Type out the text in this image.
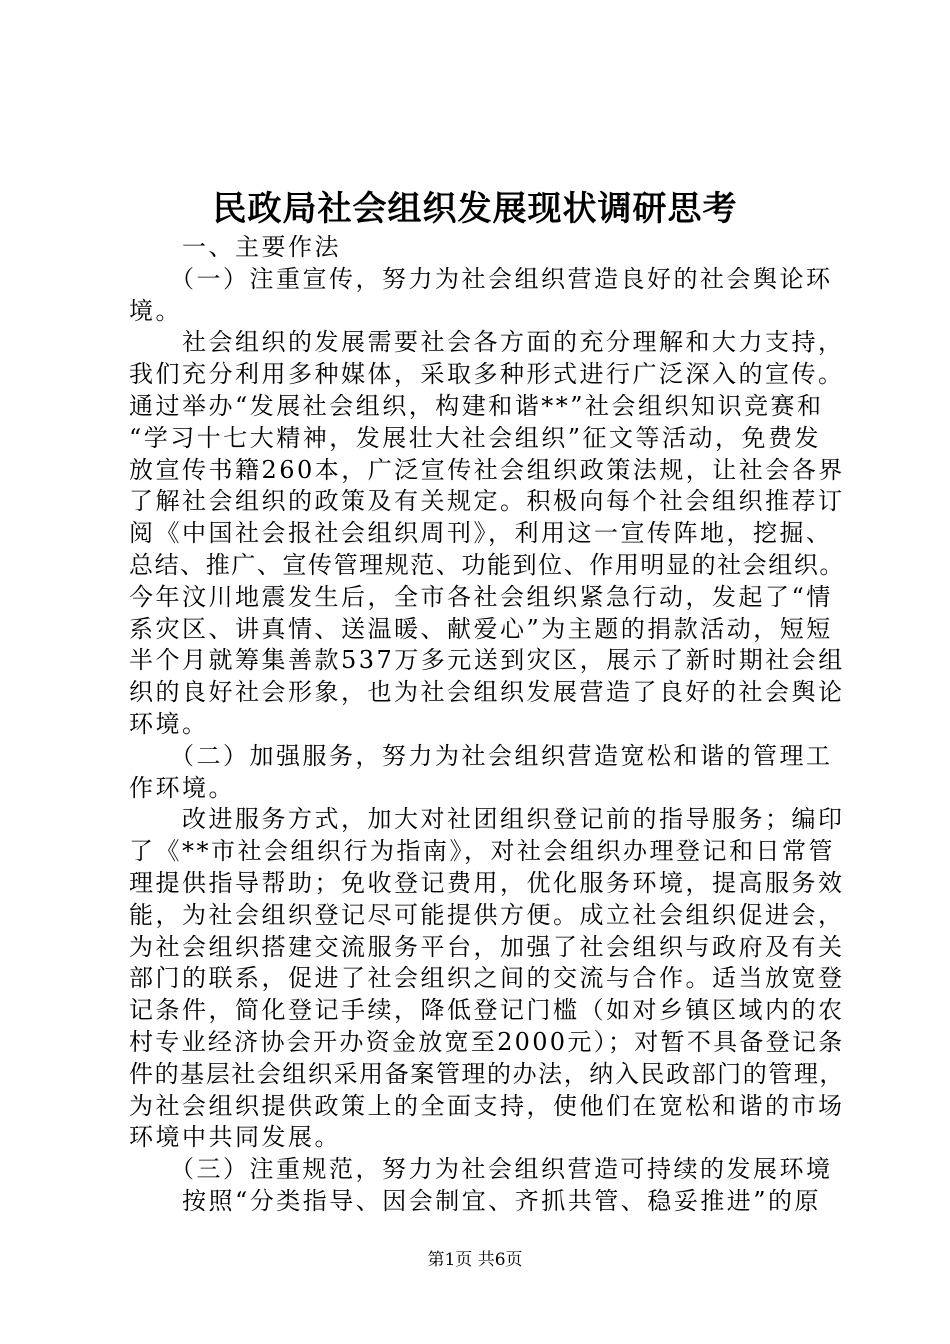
民政局社会组织发展现状调研思考
　　一、主要作法
　　（一）注重宣传，努力为社会组织营造良好的社会舆论环
境。
　　社会组织的发展需要社会各方面的充分理解和大力支持，
我们充分利用多种媒体，采取多种形式进行广泛深入的宣传。
通过举办“发展社会组织，构建和谐**”社会组织知识竞赛和
“学习十七大精神，发展壮大社会组织”征文等活动，免费发
放宣传书籍260本，广泛宣传社会组织政策法规，让社会各界
了解社会组织的政策及有关规定。积极向每个社会组织推荐订
阅《中国社会报社会组织周刊》，利用这一宣传阵地，挖掘、
总结、推广、宣传管理规范、功能到位、作用明显的社会组织。
今年汶川地震发生后，全市各社会组织紧急行动，发起了“情
系灾区、讲真情、送温暖、献爱心”为主题的捐款活动，短短
半个月就筹集善款537万多元送到灾区，展示了新时期社会组
织的良好社会形象，也为社会组织发展营造了良好的社会舆论
环境。
　　（二）加强服务，努力为社会组织营造宽松和谐的管理工
作环境。
　　改进服务方式，加大对社团组织登记前的指导服务；编印
了《**市社会组织行为指南》，对社会组织办理登记和日常管
理提供指导帮助；免收登记费用，优化服务环境，提高服务效
能，为社会组织登记尽可能提供方便。成立社会组织促进会，
为社会组织搭建交流服务平台，加强了社会组织与政府及有关
部门的联系，促进了社会组织之间的交流与合作。适当放宽登
记条件，简化登记手续，降低登记门槛（如对乡镇区域内的农
村专业经济协会开办资金放宽至2000元）；对暂不具备登记条
件的基层社会组织采用备案管理的办法，纳入民政部门的管理，
为社会组织提供政策上的全面支持，使他们在宽松和谐的市场
环境中共同发展。
　　（三）注重规范，努力为社会组织营造可持续的发展环境
　　按照“分类指导、因会制宜、齐抓共管、稳妥推进”的原
第1页 共6页
